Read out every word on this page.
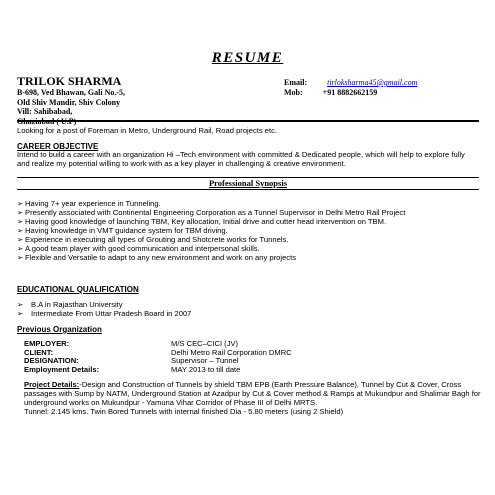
RESUME
TRILOK SHARMA
B-698, Ved Bhawan, Gali No.-5,
Old Shiv Mandir, Shiv Colony
Vill: Sahibabad,
Ghaziabad ( U.P)
Email:	tirloksharma45@gmail.com
Mob:	+91 8882662159
Looking for a post of Foreman in Metro, Underground Rail, Road projects etc.
CAREER OBJECTIVE
Intend to build a career with an organization Hi –Tech environment with committed & Dedicated people, which will help to explore fully and realize my potential willing to work with as a key player in challenging & creative environment.
Professional Synopsis
➢ Having 7+ year experience in Tunneling.
➢ Presently associated with Continental Engineering Corporation as a Tunnel Supervisor in Delhi Metro Rail Project
➢ Having good knowledge of launching TBM, Key allocation, Initial drive and cutter head intervention on TBM.
➢ Having knowledge in VMT guidance system for TBM driving.
➢ Experience in executing all types of Grouting and Shotcrete works for Tunnels.
➢ A good team player with good communication and interpersonal skills.
➢ Flexible and Versatile to adapt to any new environment and work on any projects
EDUCATIONAL QUALIFICATION
➢ B.A in Rajasthan University
➢ Intermediate From Uttar Pradesh Board in 2007
Previous Organization
EMPLOYER:	M/S CEC–CICI (JV)
CLIENT:	Delhi Metro Rail Corporation DMRC
DESIGNATION:	Supervisor – Tunnel
Employment Details:	MAY 2013 to till date
Project Details:-Design and Construction of Tunnels by shield TBM EPB (Earth Pressure Balance), Tunnel by Cut & Cover, Cross passages with Sump by NATM, Underground Station at Azadpur by Cut & Cover method & Ramps at Mukundpur and Shalimar Bagh for underground works on Mukundpur - Yamuna Vihar Corridor of Phase III of Delhi MRTS.
Tunnel: 2.145 kms. Twin Bored Tunnels with internal finished Dia - 5.80 meters (using 2 Shield)
